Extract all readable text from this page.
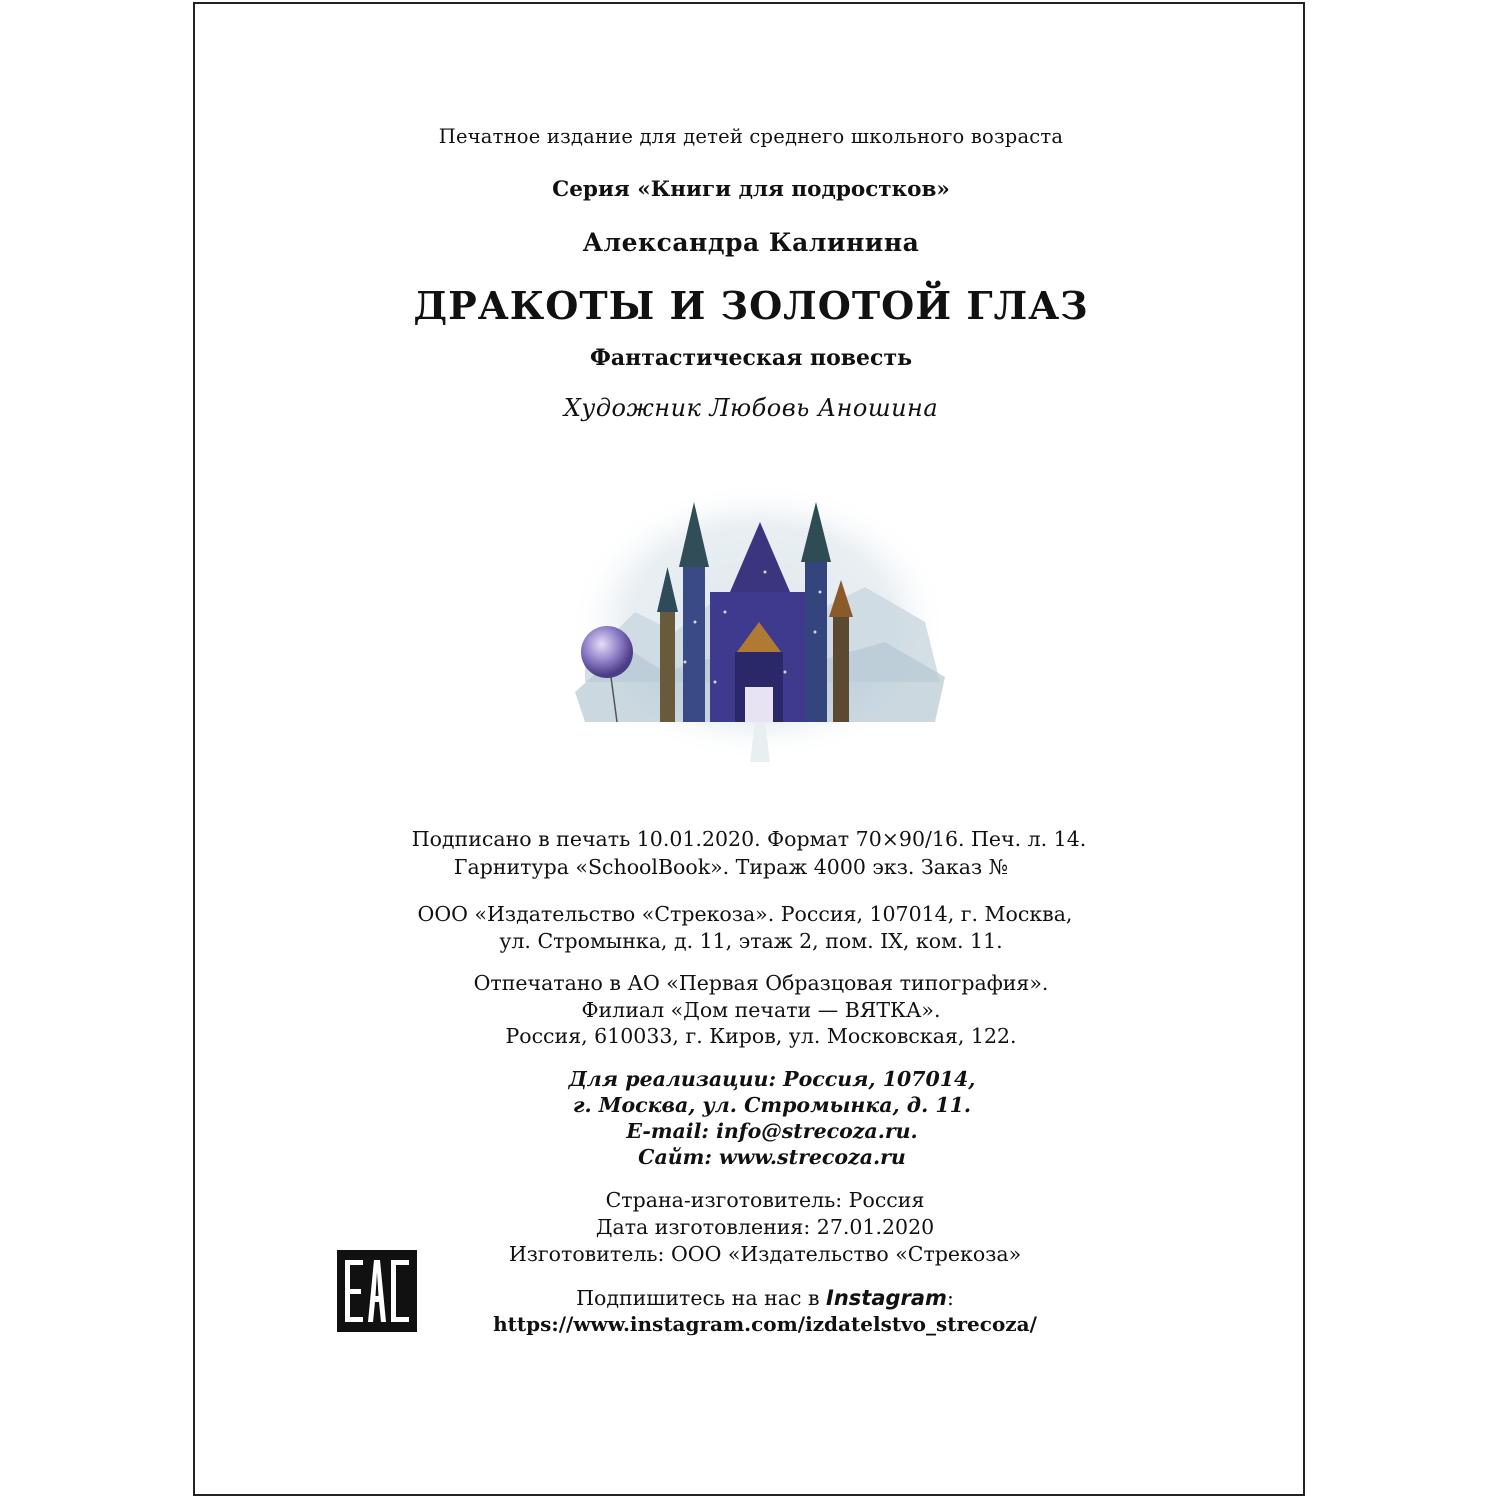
Печатное издание для детей среднего школьного возраста
Серия «Книги для подростков»
Александра Калинина
ДРАКОТЫ И ЗОЛОТОЙ ГЛАЗ
Фантастическая повесть
Художник Любовь Аношина
Подписано в печать 10.01.2020. Формат 70×90/16. Печ. л. 14.
Гарнитура «SchoolBook». Тираж 4000 экз. Заказ №
ООО «Издательство «Стрекоза». Россия, 107014, г. Москва,
ул. Стромынка, д. 11, этаж 2, пом. IX, ком. 11.
Отпечатано в АО «Первая Образцовая типография».
Филиал «Дом печати — ВЯТКА».
Россия, 610033, г. Киров, ул. Московская, 122.
Для реализации: Россия, 107014,
г. Москва, ул. Стромынка, д. 11.
E-mail: info@strecoza.ru.
Сайт: www.strecoza.ru
Страна-изготовитель: Россия
Дата изготовления: 27.01.2020
Изготовитель: ООО «Издательство «Стрекоза»
Подпишитесь на нас в Instagram:
https://www.instagram.com/izdatelstvo_strecoza/
